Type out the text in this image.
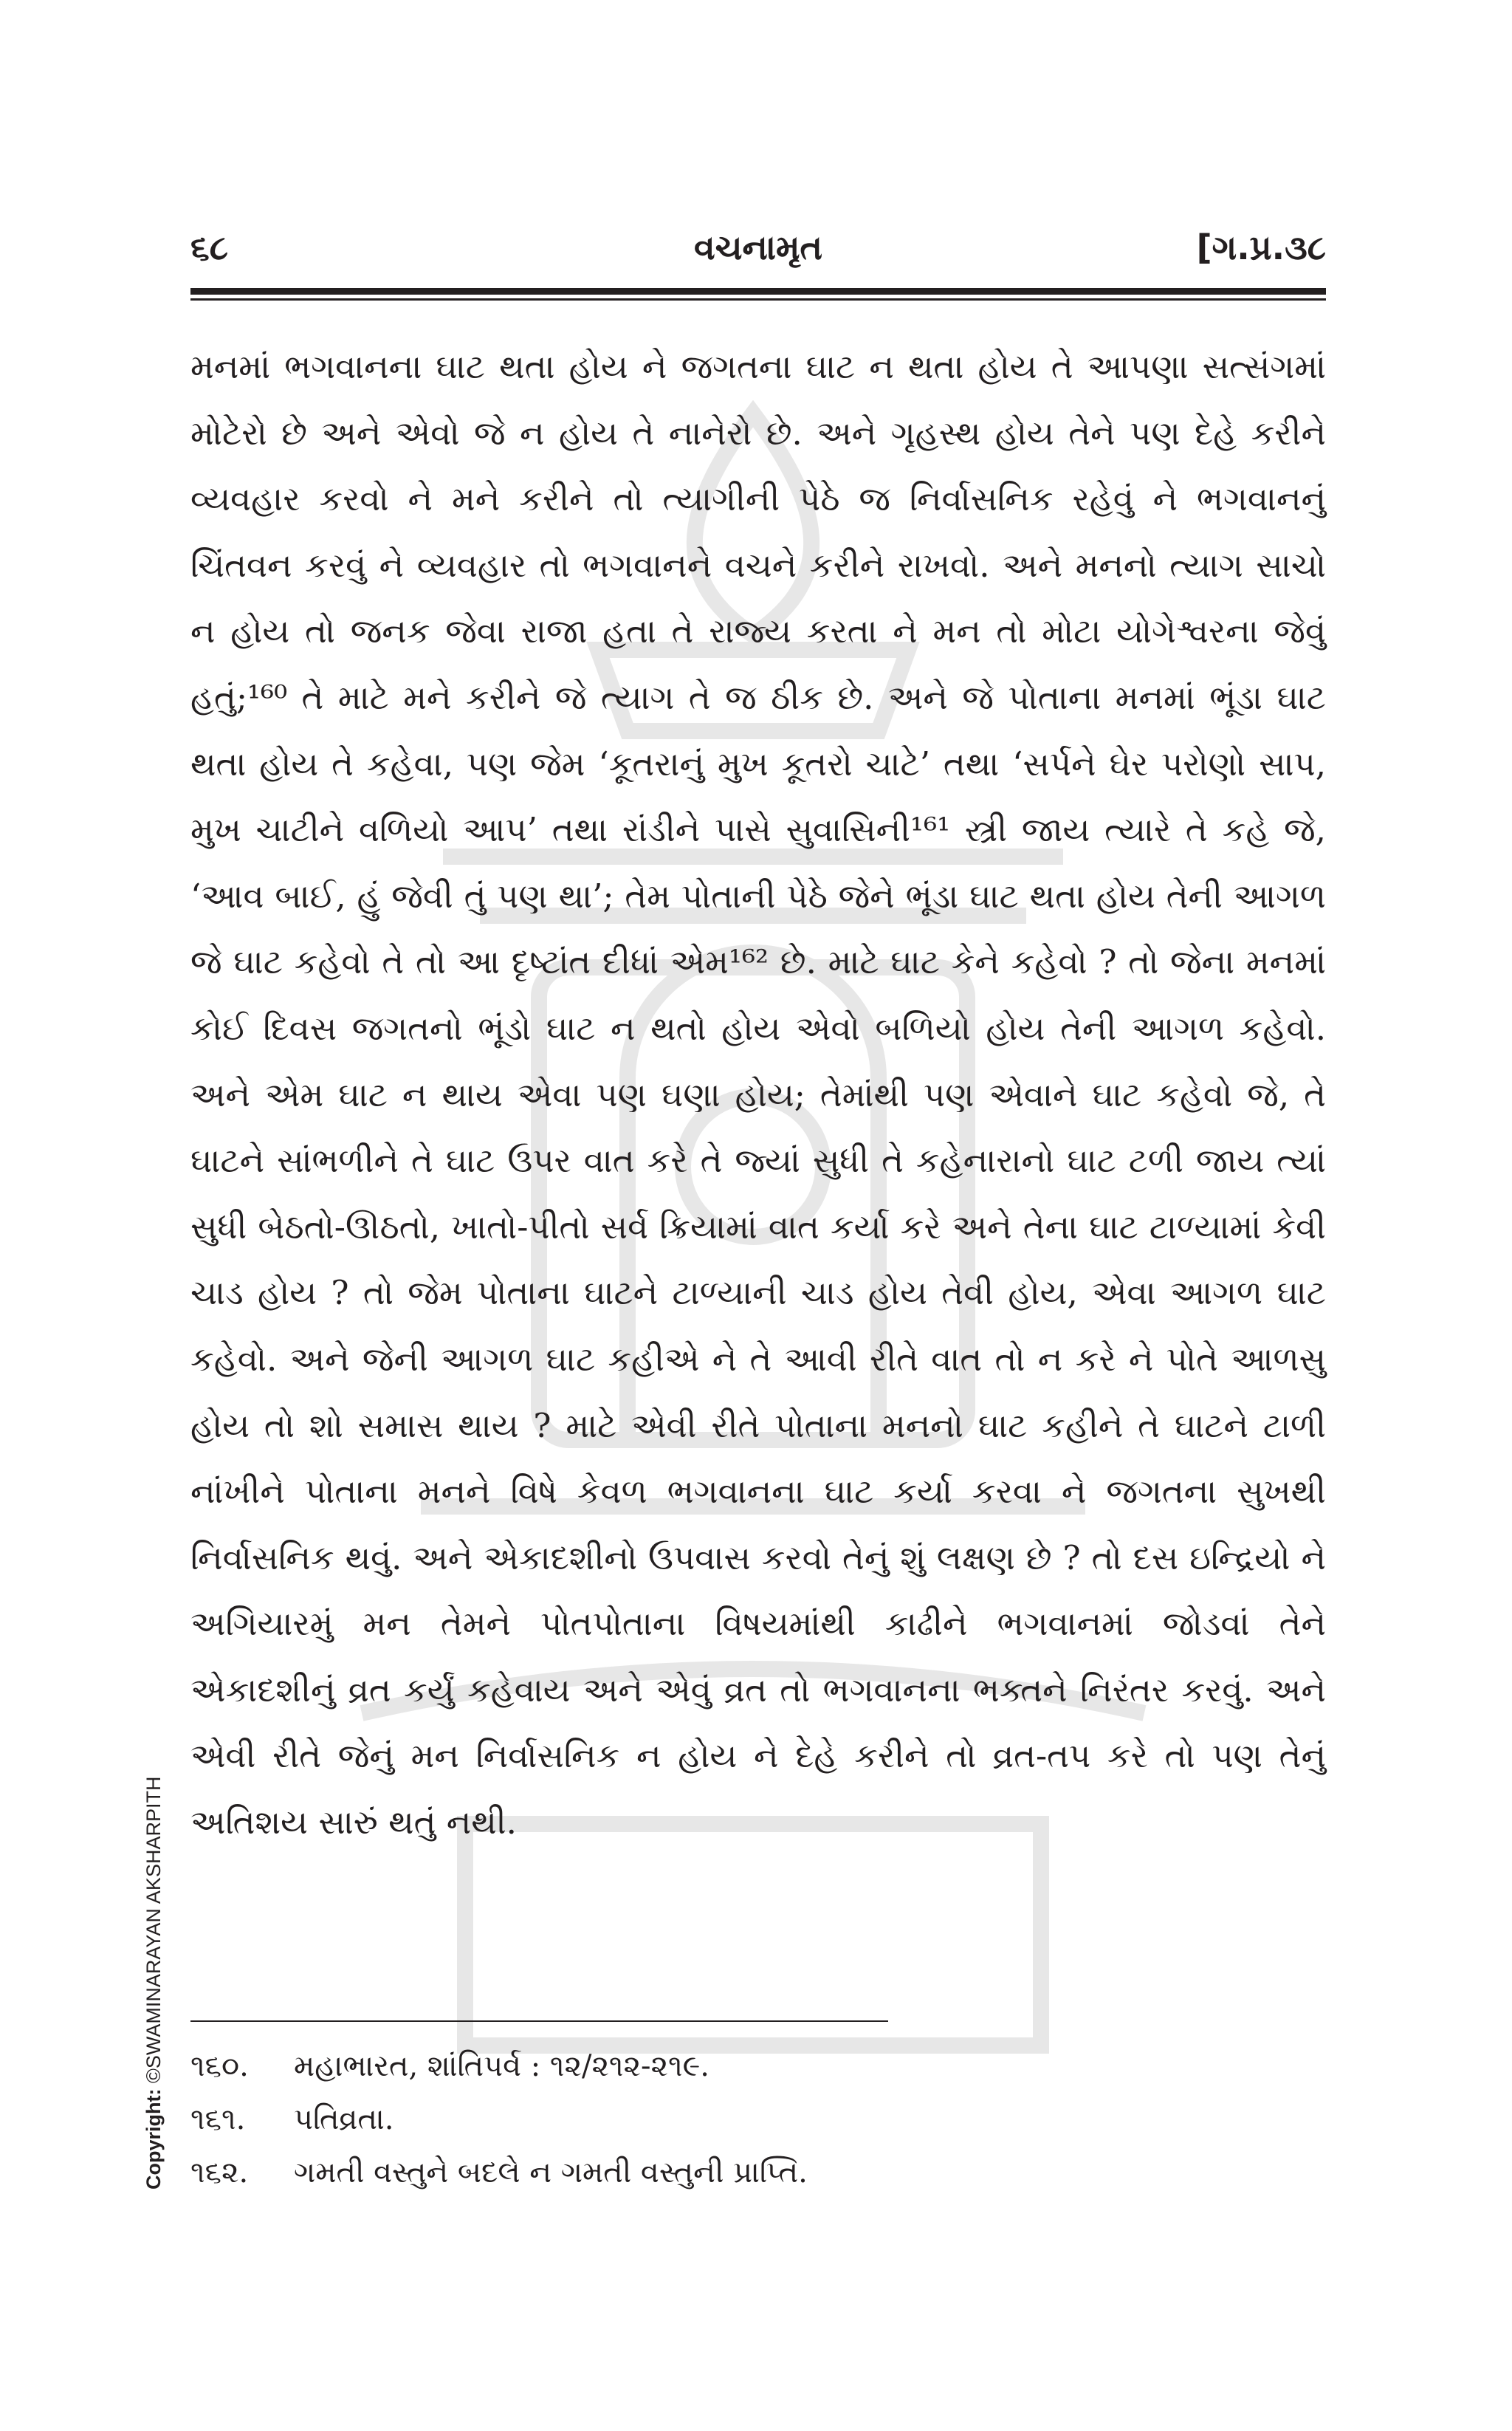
૬૮	વચનામૃત	[ગ.પ્ર.૩૮

મનમાં ભગવાનના ઘાટ થતા હોય ને જગતના ઘાટ ન થતા હોય તે આપણા સત્સંગમાં મોટેરો છે અને એવો જે ન હોય તે નાનેરો છે. અને ગૃહસ્થ હોય તેને પણ દેહે કરીને વ્યવહાર કરવો ને મને કરીને તો ત્યાગીની પેઠે જ નિર્વાસનિક રહેવું ને ભગવાનનું ચિંતવન કરવું ને વ્યવહાર તો ભગવાનને વચને કરીને રાખવો. અને મનનો ત્યાગ સાચો ન હોય તો જનક જેવા રાજા હતા તે રાજ્ય કરતા ને મન તો મોટા યોગેશ્વરના જેવું હતું;¹⁶⁰ તે માટે મને કરીને જે ત્યાગ તે જ ઠીક છે. અને જે પોતાના મનમાં ભૂંડા ઘાટ થતા હોય તે કહેવા, પણ જેમ ‘કૂતરાનું મુખ કૂતરો ચાટે’ તથા ‘સર્પને ઘેર પરોણો સાપ, મુખ ચાટીને વળિયો આપ’ તથા રાંડીને પાસે સુવાસિની¹⁶¹ સ્ત્રી જાય ત્યારે તે કહે જે, ‘આવ બાઈ, હું જેવી તું પણ થા’; તેમ પોતાની પેઠે જેને ભૂંડા ઘાટ થતા હોય તેની આગળ જે ઘાટ કહેવો તે તો આ દૃષ્ટાંત દીધાં એમ¹⁶² છે. માટે ઘાટ કેને કહેવો ? તો જેના મનમાં કોઈ દિવસ જગતનો ભૂંડો ઘાટ ન થતો હોય એવો બળિયો હોય તેની આગળ કહેવો. અને એમ ઘાટ ન થાય એવા પણ ઘણા હોય; તેમાંથી પણ એવાને ઘાટ કહેવો જે, તે ઘાટને સાંભળીને તે ઘાટ ઉપર વાત કરે તે જ્યાં સુધી તે કહેનારાનો ઘાટ ટળી જાય ત્યાં સુધી બેઠતો-ઊઠતો, ખાતો-પીતો સર્વ ક્રિયામાં વાત કર્યા કરે અને તેના ઘાટ ટાળ્યામાં કેવી ચાડ હોય ? તો જેમ પોતાના ઘાટને ટાળ્યાની ચાડ હોય તેવી હોય, એવા આગળ ઘાટ કહેવો. અને જેની આગળ ઘાટ કહીએ ને તે આવી રીતે વાત તો ન કરે ને પોતે આળસુ હોય તો શો સમાસ થાય ? માટે એવી રીતે પોતાના મનનો ઘાટ કહીને તે ઘાટને ટાળી નાંખીને પોતાના મનને વિષે કેવળ ભગવાનના ઘાટ કર્યા કરવા ને જગતના સુખથી નિર્વાસનિક થવું. અને એકાદશીનો ઉપવાસ કરવો તેનું શું લક્ષણ છે ? તો દસ ઇન્દ્રિયો ને અગિયારમું મન તેમને પોતપોતાના વિષયમાંથી કાઢીને ભગવાનમાં જોડવાં તેને એકાદશીનું વ્રત કર્યું કહેવાય અને એવું વ્રત તો ભગવાનના ભક્તને નિરંતર કરવું. અને એવી રીતે જેનું મન નિર્વાસનિક ન હોય ને દેહે કરીને તો વ્રત-તપ કરે તો પણ તેનું અતિશય સારું થતું નથી.

૧૬૦.	મહાભારત, શાંતિપર્વ : ૧૨/૨૧૨-૨૧૯.
૧૬૧.	પતિવ્રતા.
૧૬૨.	ગમતી વસ્તુને બદલે ન ગમતી વસ્તુની પ્રાપ્તિ.
Copyright: ©SWAMINARAYAN AKSHARPITH
